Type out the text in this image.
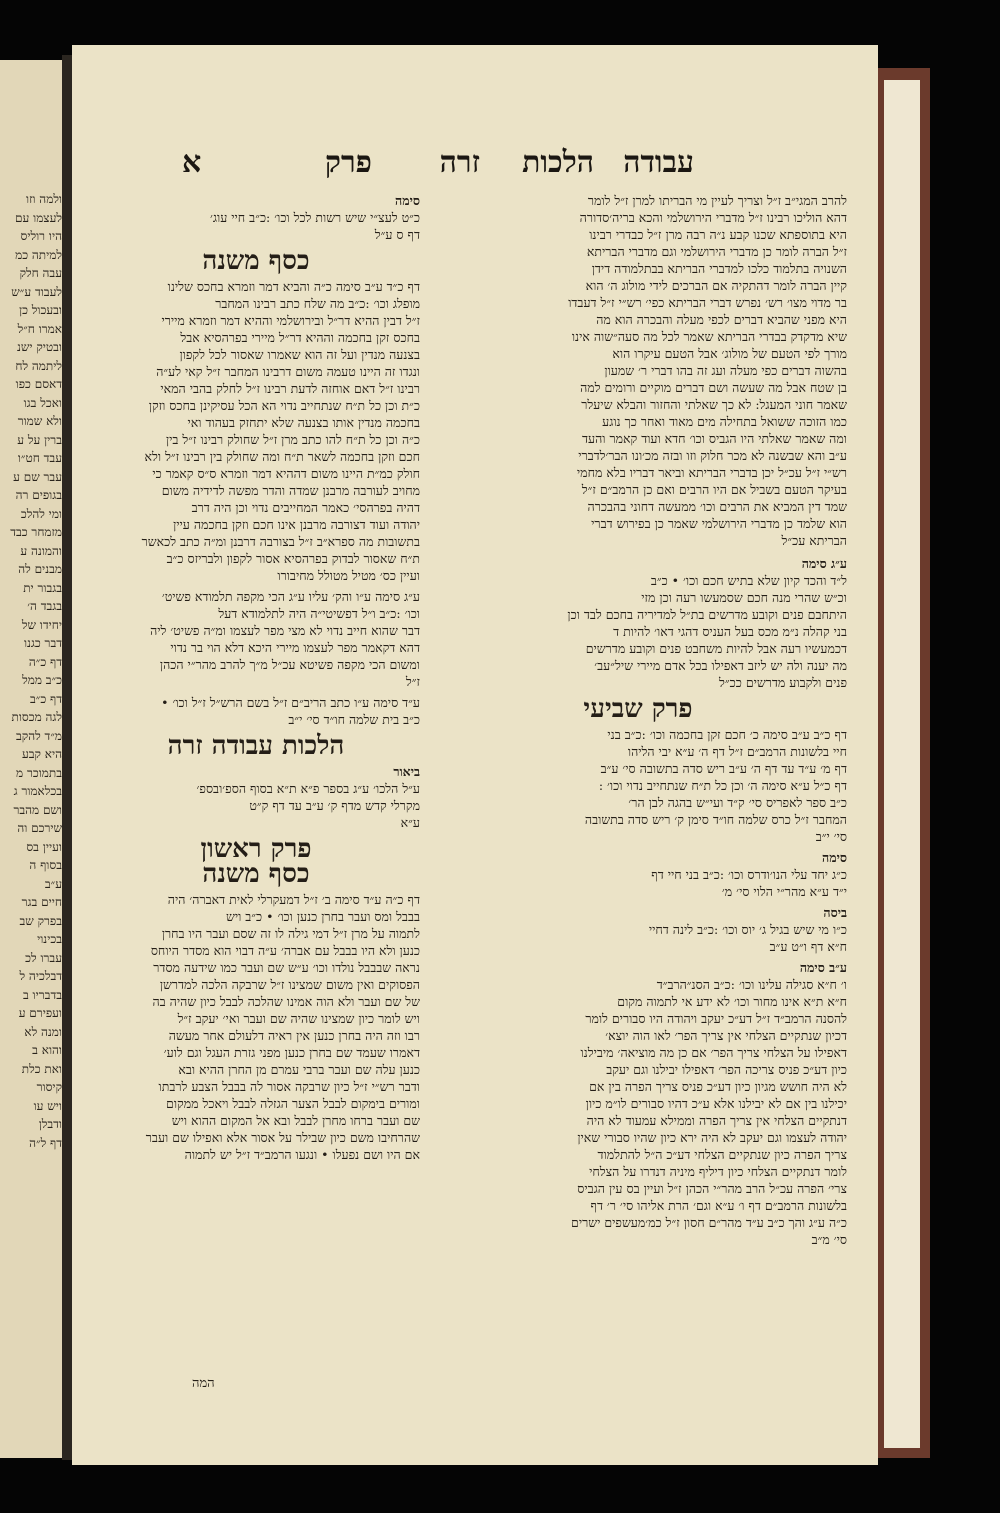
ולמה וזו
לעצמו עם
היו רוליס
למיתה כמ
עבה חלק
לעבוד ע״ש
ובעכול כן
אמרו ח״ל
ובטיק ישנ
ליתמה לח
דאסם כפו
ואכל בגו
ולא שמור
ברין על ע
עבד חט״ו
עבר שם ע
בגופים רה
ומי להלכ
מזמחר כבד
והמונה ע
מבנים לה
בגבור ית
בגבד ה׳
יחידו של
דבר כגנו
דף כ״ה
כ״ב ממל
דף כ״ב
לגה מכסות
מ״ד להקב
היא קבע
בתמוכר מ
בכלאמור ג
ושם מהבר
שירכם וה
ועיין בס
בסוף ה
ע״ב
חיים בגר
בפרק שב
בכינוי
עברו לכ
דבלכיה ל
בדבריו ב
ועפירם ע
ומנה לא
והוא ב
ואת כלת
קיסור
ויש עו
ודבלן
דף ל״ה
הלכות עבודה
זרה
פרק
א
להרב המגי״ב ז״ל וצריך לעיין מי הבריתו למרן ז״ל לומר
דהא הוליכו רבינו ז״ל מדברי הירושלמי והכא בריה׳סדורה
היא בתוספתא שכנו קבע נ״ה רבה מרן ז״ל כבדרי רבינו
ז״ל הברה לומר כן מדברי הירושלמי וגם מדברי הבריתא
השנויה בתלמוד כלכו למדברי הבריתא בבתלמודה דידן
קיין הברה לומר דהתקיה אם הברכים לידי מולוג ה׳ הוא
בר מדוי מצו׳ רש׳ נפרש דברי הבריתא כפי׳ רש״י ז״ל דעבדו
היא מפני שהביא דברים לכפי מעלה והבכרה הוא מה
שיא מדקדק בבדרי הבריתא שאמר לכל מה סעה״שוה אינו
מורך לפי הטעם של מולוג׳ אבל הטעם עיקרו הוא
בהשוה דברים כפי מעלה ועג זה בהו דברי ר׳ שמעון
בן שטח אבל מה שעשה ושם דברים מוקיים ורומים למה
שאמר חוני המעגל: לא כך שאלתי והחזור והבלא שיעלר
כמו הזוכה ששואל בתחילה מים מאוד ואחר כך נוגע
ומה שאמר שאלתי היו הגביס וכו׳ חדא ועוד קאמר והעד
ע״ב והא שבשנה לא מכר חלוק וזו ובזה מכ׳ונו הבר׳לדברי
רש״י ז״ל עכ״ל יכן בדברי הבריתא וביאר דבריו בלא מחמי
בעיקר הטעם בשביל אם היו הרבים ואם כן הרמב״ם ז״ל
שמד דין המביא את הרבים וכו׳ ממעשה דחוני בהבכרה
הוא שלמד כן מדברי הירושלמי שאמר כן בפירוש דברי
הבריתא עכ״ל
ע״ג סימה
ל״ד והכד קיון שלא בתיש חכם וכו׳ • כ״ב
וכ״ש שהרי מנה חכם שסמעשו רעה וכן מזי
היתחבם פנים וקובע מדרשים בת״ל למדיריה בחכם לבד וכן
בני קהלה נ״מ מכס בעל העניס דהגי דאו׳ להיות ד
דכמעשיו רעה אבל להיות משחבט פנים וקובע מדרשים
מה יענה ולה יש ליזב דאפילו בכל אדם מיירי שיל״עב׳
פנים ולקבוע מדרשים ככ״ל
פרק שביעי
דף כ״ב ע״ב סימה כ׳ חכם זקן בחכמה וכו׳ :כ״ב בני
חיי בלשונות הרמב״ם ז״ל דף ה׳ ע״א יבי הליהו
דף מ׳ ע״ד עד דף ה׳ ע״ב ריש סדה בתשובה סי׳ ע״ב
דף כ״ל ע״א סימה ה׳ וכן כל ת״ח שנתחייב נדוי וכו׳ :
כ״ב ספר לאפריס סי׳ ק״ד ועי״ש בהגה לבן הר׳
המחבר ז״ל כרס שלמה חו״ד סימן ק׳ ריש סדה בתשובה
סי׳ י״ב
סימה
כ״ג יחד עלי הנו׳ודרס וכו׳ :כ״ב בני חיי דף
י״ד ע״א מהר״י הלוי סי׳ מ׳
ביסה
כ״ו מי שיש בגיל ג׳ יוס וכו׳ :כ״ב לינה דחיי
ח״א דף ו״ט ע״ב
ע״ב סימה
ו׳ ח״א סגילה עלינו וכו׳ :כ״ב הסנ״הרב״ד
ח״א ת״א אינו מחור וכו׳ לא ידע אי לתמוה מקום
להסנה הרמב״ד ז״ל דע״כ יעקב ויהודה היו סבורים לומר
דכיון שנתקיים הצלחי אין צריך הפר׳ לאו הוה יוצא׳
דאפילו על הצלחי צריך הפר׳ אם כן מה מוציאה׳ מיבילנו
כיון דע״כ פניס צריכה הפר׳ דאפילו יבילנו וגם יעקב
לא היה חושש מגיון כיון דע״כ פניס צריך הפרה בין אם
יכילנו בין אם לא יבילנו אלא ע״כ דהיו סבורים לו״מ כיון
דנתקיים הצלחי אין צריך הפרה וממילא עמעוד לא היה
יהודה לעצמו וגם יעקב לא היה ירא כיון שהיו סבורי שאין
צריך הפרה כיון שנתקיים הצלחי דע״כ ה״ל להתלמוד
לומר דנתקיים הצלחי כיון דיליף מיניה דנדרו על הצלחי
צרי׳ הפרה עכ״ל הרב מהר״י הכהן ז״ל ועיין בס עין הגביס
בלשונות הרמב״ם דף ו׳ ע״א וגם׳ הרת אליהו סי׳ ר׳ דף
כ״ה ע״ג והך כ״ב ע״ד מהר״ם חסון ז״ל כמ׳מעשפים ישרים
סי׳ מ״ב
סימה
כ״ט לעצ״י שיש רשות לכל וכו׳ :כ״ב חיי עוג׳
דף ס ע״ל
כסף משנה
דף כ״ד ע״ב סימה כ״ה והביא דמר וזמרא בחכס שלינו
מופלג וכו׳ :כ״ב מה שלח כתב רבינו המחבר
ז״ל דבין ההיא דר״ל ובירושלמי וההיא דמר וזמרא מיירי
בחכס זקן בחכמה וההיא דר״ל מיירי בפרהסיא אבל
בצנעה מנדין ועל זה הוא שאמרו שאסור לכל לקפון
ונגדו זה היינו טעמה משום דרבינו המחבר ז״ל קאי לע״ה
רבינו ז״ל דאם אוחזה לדעת רבינו ז״ל לחלק בהבי המאי
כ״ת וכן כל ת״ח שנתחייב נדוי הא הכל עסיקינן בחכס וזקן
בחכמה מנדין אותו בצנעה שלא יתחזק בעהוד ואי
כ״ה וכן כל ת״ח להו כתב מרן ז״ל שחולק רבינו ז״ל בין
חכם וזקן בחכמה לשאר ת״ח ומה שחולק בין רבינו ז״ל ולא
חולק כמ״ת היינו משום דההיא דמר וזמרא ס״ס קאמר כי
מחויב לעורבה מרבנן שמדה והדר מפשה לדידיה משום
דהיה בפרהסי׳ כאמר המחייבים נדוי וכן היה דרב
יהודה ועוד דצורבה מרבנן אינו חכם וזקן בחכמה עיין
בתשובות מה ספרא״ב ז״ל בצורבה דרבנן ומ״ה כתב לכאשר
ת״ח שאסור לבדוק בפרהסיא אסור לקפון ולבריזס כ״ב
ועיין כס׳ מטיל מטולל מחיבורו
ע״ג סימה ע״ו והק׳ עליו ע״ג הכי מקפה תלמודא פשיט׳
וכו׳ :כ״ב ו״ל דפשיטי״ה היה לתלמודא דעל
דבר שהוא חייב נדוי לא מצי מפר לעצמו ומ״ה פשיט׳ ליה
דהא דקאמר מפר לעצמו מיירי היכא דלא הוי בר נדוי
ומשום הכי מקפה פשיטא עכ״ל מ״ך להרב מהר״י הכהן
ז״ל
ע״ד סימה ע״ו כתב הריב״ם ז״ל בשם הרש״ל ז״ל וכו׳ •
כ״ב בית שלמה חו״ד סי׳ י״ב
הלכות עבודה זרה
ביאור
ע״ל הלכו׳ ע״ג בספר פ״א ת״א בסוף הספ׳ובספ׳
מקרלי קדש מדף ק׳ ע״ב עד דף ק״ט
ע״א
פרק ראשון
כסף משנה
דף כ״ה ע״ד סימה ב׳ ז״ל דמעקרלי לאית דאברה׳ היה
בבבל ומס ועבר בחרן כנען וכו׳ • כ״ב ויש
לתמוה על מרן ז״ל דמי גילה לו זה שסם ועבר היו בחרן
כנען ולא היו בבבל עם אברה׳ ע״ה דבוי הוא מסדר היוחס
נראה שבבבל נולדו וכו׳ ע״ש שם ועבר כמו שידעה מסדר
הפסוקים ואין משום שמצינו ז״ל שרבקה הלכה למדרשן
של שם ועבר ולא הוה אמינו שהלכה לבבל כיון שהיה בה
ויש לומר כיון שמצינו שהיה שם ועבר ואי׳ יעקב ז״ל
רבו וזה היה בחרן כנען אין ראיה דלעולם אחר מעשה
דאמרו שעמד שם בחרן כנען מפני גזרת העגל וגם לוע׳
כנען עלה שם ועבר ברבי עמרם מן החרן ההיא ובא
ודבר רש״י ז״ל כיון שרבקה אסור לה בבבל הצבע לרבתו
ומורים בימקום לבבל הצער הגזלה לבבל ויאכל ממקום
שם ועבר ברחו מחרן לבבל ובא אל המקום ההוא ויש
שהרחיבו משם כיון שבילר על אסור אלא ואפילו שם ועבר
אם היו ושם נפעלו • ונגעו הרמב״ד ז״ל יש לתמוה
המה
